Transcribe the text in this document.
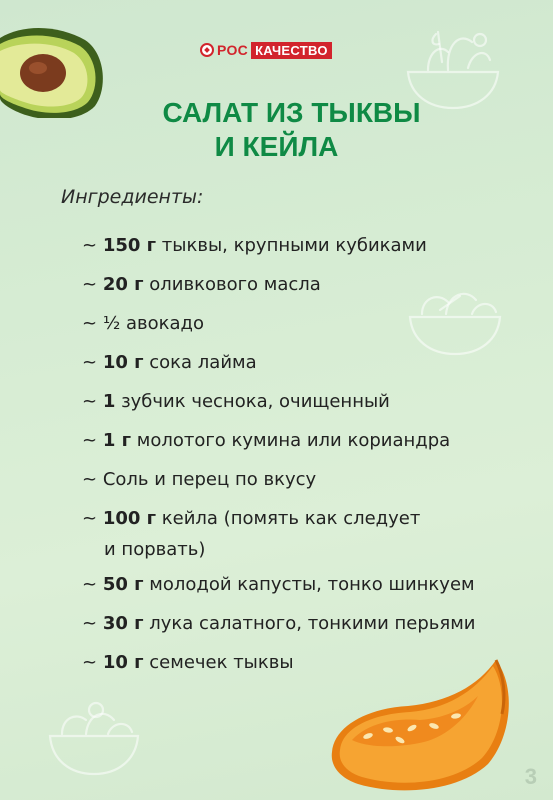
РОС КАЧЕСТВО
САЛАТ ИЗ ТЫКВЫ
И КЕЙЛА
Ингредиенты:
~ 150 г тыквы, крупными кубиками
~ 20 г оливкового масла
~ ½ авокадо
~ 10 г сока лайма
~ 1 зубчик чеснока, очищенный
~ 1 г молотого кумина или кориандра
~ Соль и перец по вкусу
~ 100 г кейла (помять как следует
и порвать)
~ 50 г молодой капусты, тонко шинкуем
~ 30 г лука салатного, тонкими перьями
~ 10 г семечек тыквы
3
